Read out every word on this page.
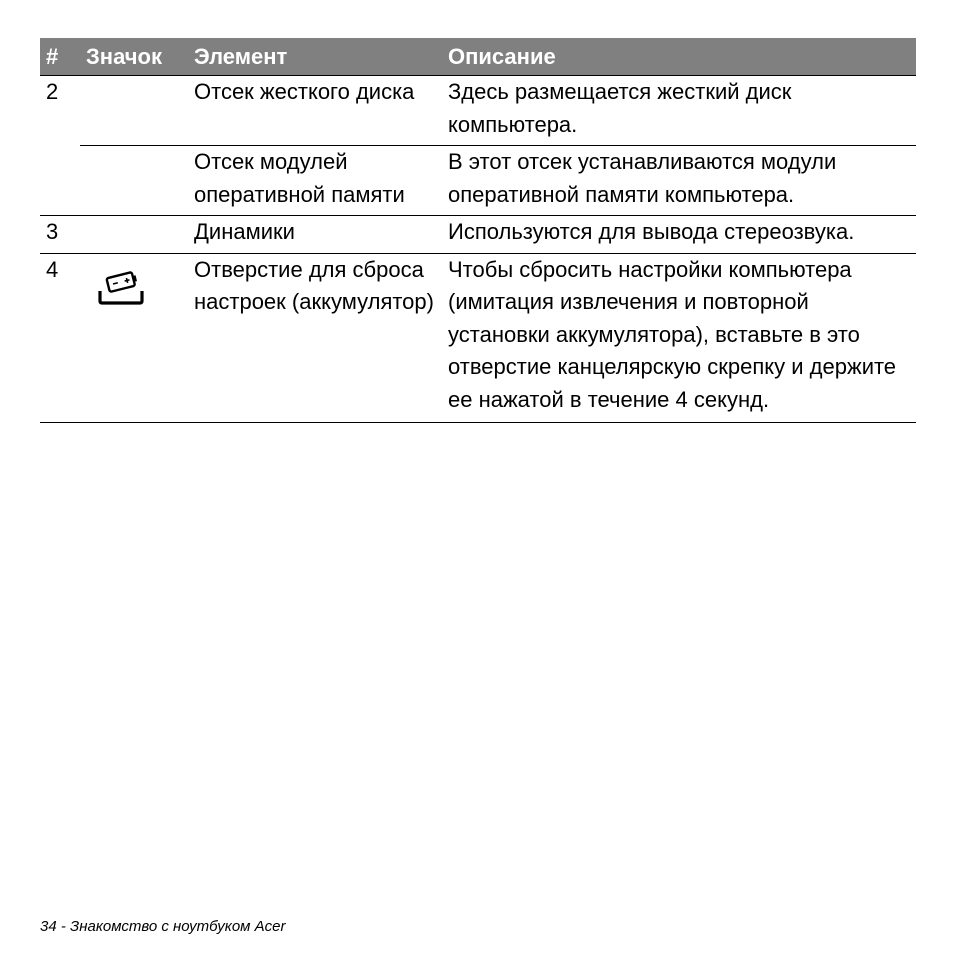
#	Значок	Элемент	Описание
2		Отсек жесткого диска	Здесь размещается жесткий диск компьютера.
		Отсек модулей оперативной памяти	В этот отсек устанавливаются модули оперативной памяти компьютера.
3		Динамики	Используются для вывода стереозвука.
4		Отверстие для сброса настроек (аккумулятор)	Чтобы сбросить настройки компьютера (имитация извлечения и повторной установки аккумулятора), вставьте в это отверстие канцелярскую скрепку и держите ее нажатой в течение 4 секунд.
34 - Знакомство с ноутбуком Acer
